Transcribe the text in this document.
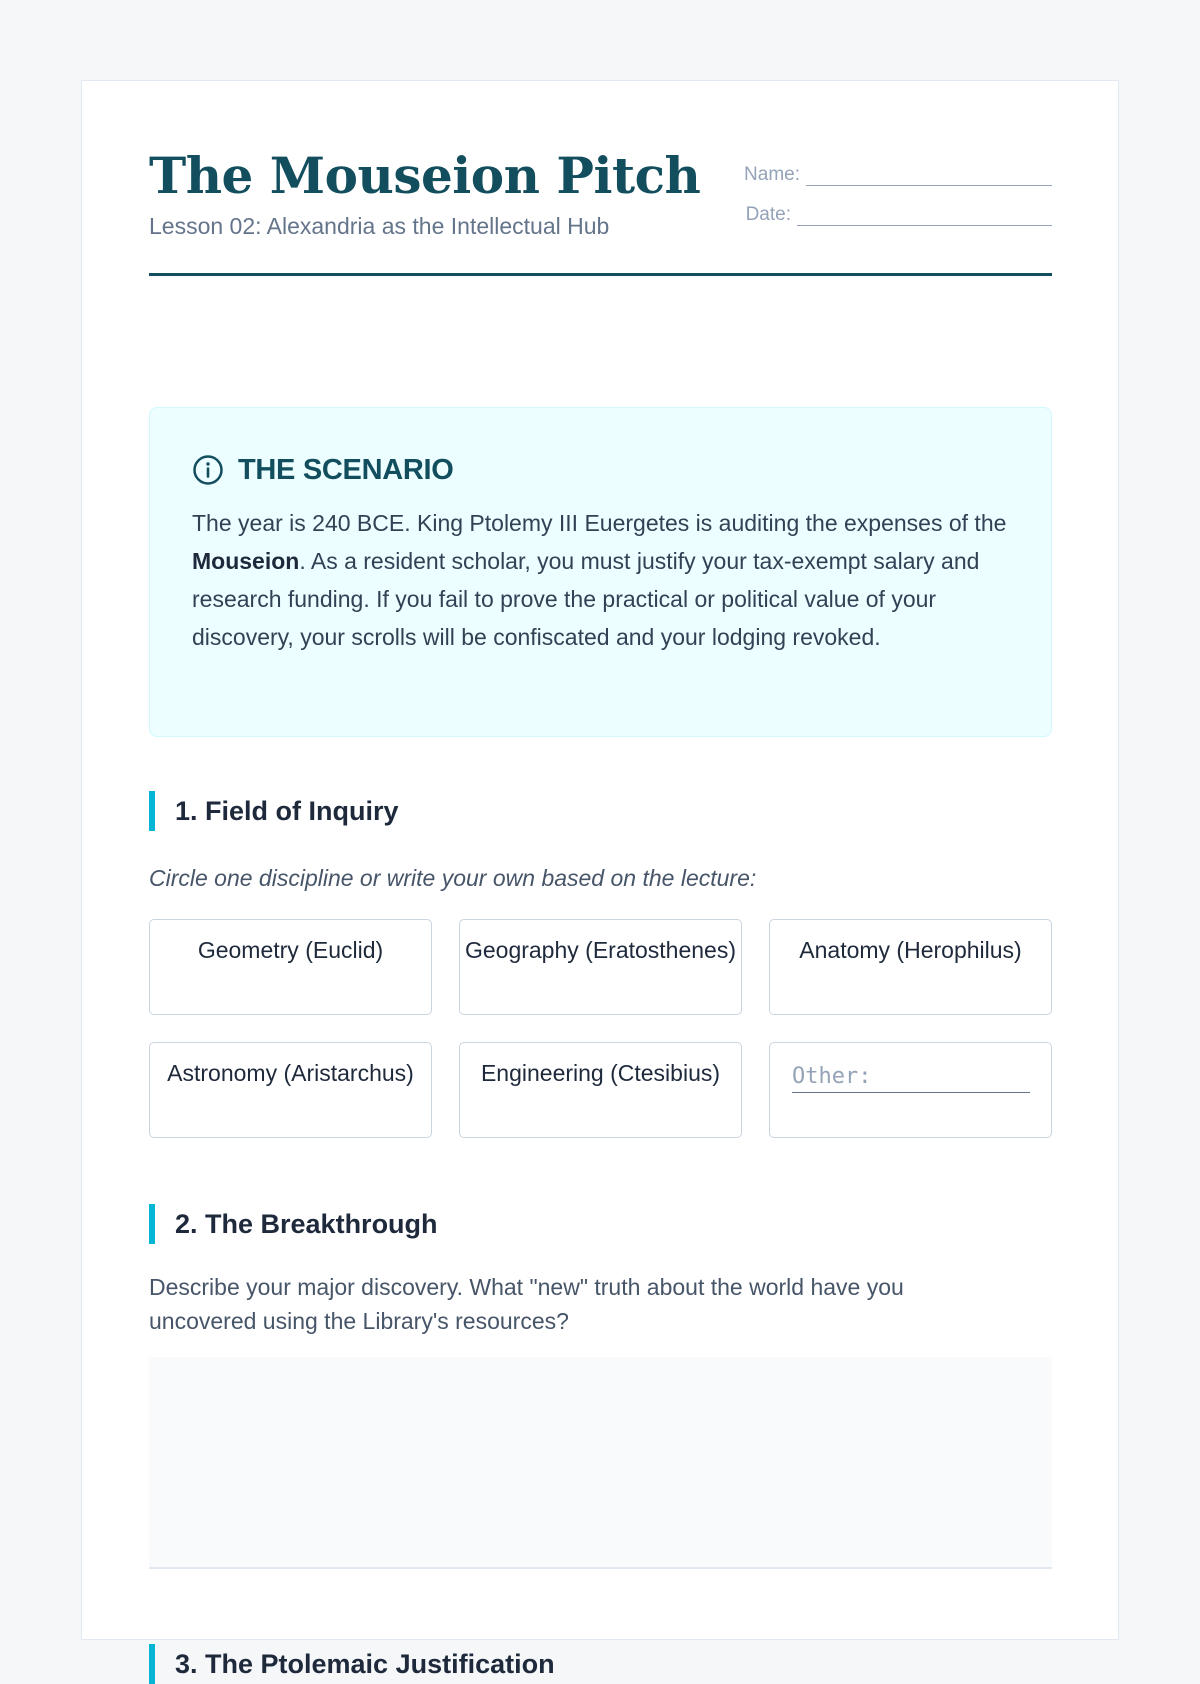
The Mouseion Pitch
Lesson 02: Alexandria as the Intellectual Hub
Name:
Date:
THE SCENARIO
The year is 240 BCE. King Ptolemy III Euergetes is auditing the expenses of the Mouseion. As a resident scholar, you must justify your tax-exempt salary and research funding. If you fail to prove the practical or political value of your discovery, your scrolls will be confiscated and your lodging revoked.
1. Field of Inquiry
Circle one discipline or write your own based on the lecture:
Geometry (Euclid)	Geography (Eratosthenes)	Anatomy (Herophilus)
Astronomy (Aristarchus)	Engineering (Ctesibius)	Other:
2. The Breakthrough
Describe your major discovery. What "new" truth about the world have you uncovered using the Library's resources?
3. The Ptolemaic Justification
